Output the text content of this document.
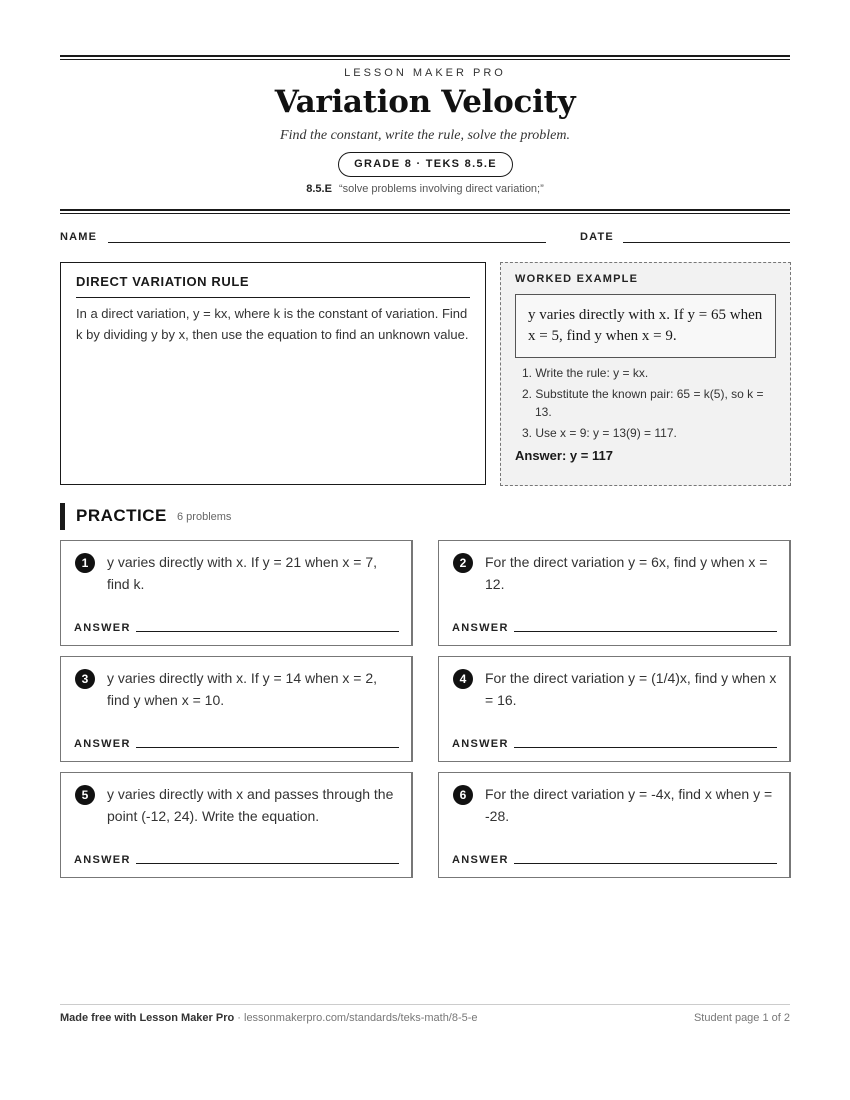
LESSON MAKER PRO
Variation Velocity
Find the constant, write the rule, solve the problem.
GRADE 8 · TEKS 8.5.E
8.5.E “solve problems involving direct variation;”
NAME	DATE
DIRECT VARIATION RULE

In a direct variation, y = kx, where k is the constant of variation. Find k by dividing y by x, then use the equation to find an unknown value.

WORKED EXAMPLE
y varies directly with x. If y = 65 when x = 5, find y when x = 9.
1. Write the rule: y = kx.
2. Substitute the known pair: 65 = k(5), so k = 13.
3. Use x = 9: y = 13(9) = 117.
Answer: y = 117
PRACTICE 6 problems
1	y varies directly with x. If y = 21 when x = 7, find k.
ANSWER
2	For the direct variation y = 6x, find y when x = 12.
ANSWER
3	y varies directly with x. If y = 14 when x = 2, find y when x = 10.
ANSWER
4	For the direct variation y = (1/4)x, find y when x = 16.
ANSWER
5	y varies directly with x and passes through the point (-12, 24). Write the equation.
ANSWER
6	For the direct variation y = -4x, find x when y = -28.
ANSWER
Made free with Lesson Maker Pro · lessonmakerpro.com/standards/teks-math/8-5-e	Student page 1 of 2
